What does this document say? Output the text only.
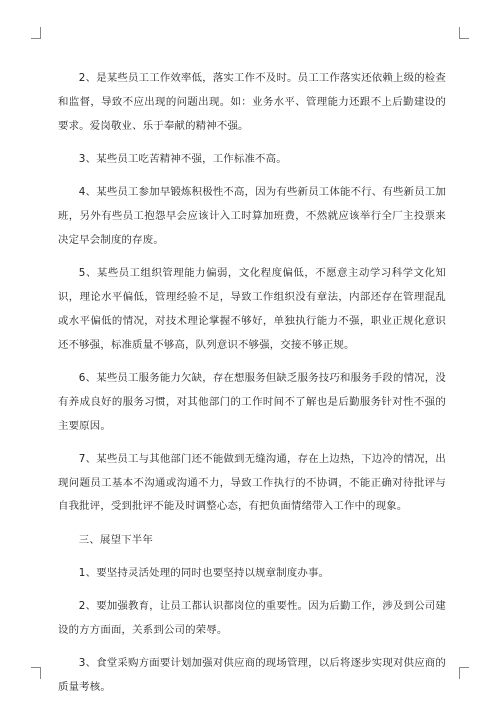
2、是某些员工工作效率低，落实工作不及时。员工工作落实还依赖上级的检查和监督，导致不应出现的问题出现。如：业务水平、管理能力还跟不上后勤建设的要求。爱岗敬业、乐于奉献的精神不强。

3、某些员工吃苦精神不强，工作标准不高。

4、某些员工参加早锻炼积极性不高，因为有些新员工体能不行、有些新员工加班，另外有些员工抱怨早会应该计入工时算加班费，不然就应该举行全厂主投票来决定早会制度的存废。

5、某些员工组织管理能力偏弱，文化程度偏低，不愿意主动学习科学文化知识，理论水平偏低，管理经验不足，导致工作组织没有章法，内部还存在管理混乱或水平偏低的情况，对技术理论掌握不够好，单独执行能力不强，职业正规化意识还不够强，标准质量不够高，队列意识不够强，交接不够正规。

6、某些员工服务能力欠缺，存在想服务但缺乏服务技巧和服务手段的情况，没有养成良好的服务习惯，对其他部门的工作时间不了解也是后勤服务针对性不强的主要原因。

7、某些员工与其他部门还不能做到无缝沟通，存在上边热，下边冷的情况，出现问题员工基本不沟通或沟通不力，导致工作执行的不协调，不能正确对待批评与自我批评，受到批评不能及时调整心态，有把负面情绪带入工作中的现象。

三、展望下半年

1、要坚持灵活处理的同时也要坚持以规章制度办事。

2、要加强教育，让员工都认识都岗位的重要性。因为后勤工作，涉及到公司建设的方方面面，关系到公司的荣辱。

3、食堂采购方面要计划加强对供应商的现场管理，以后将逐步实现对供应商的质量考核。
